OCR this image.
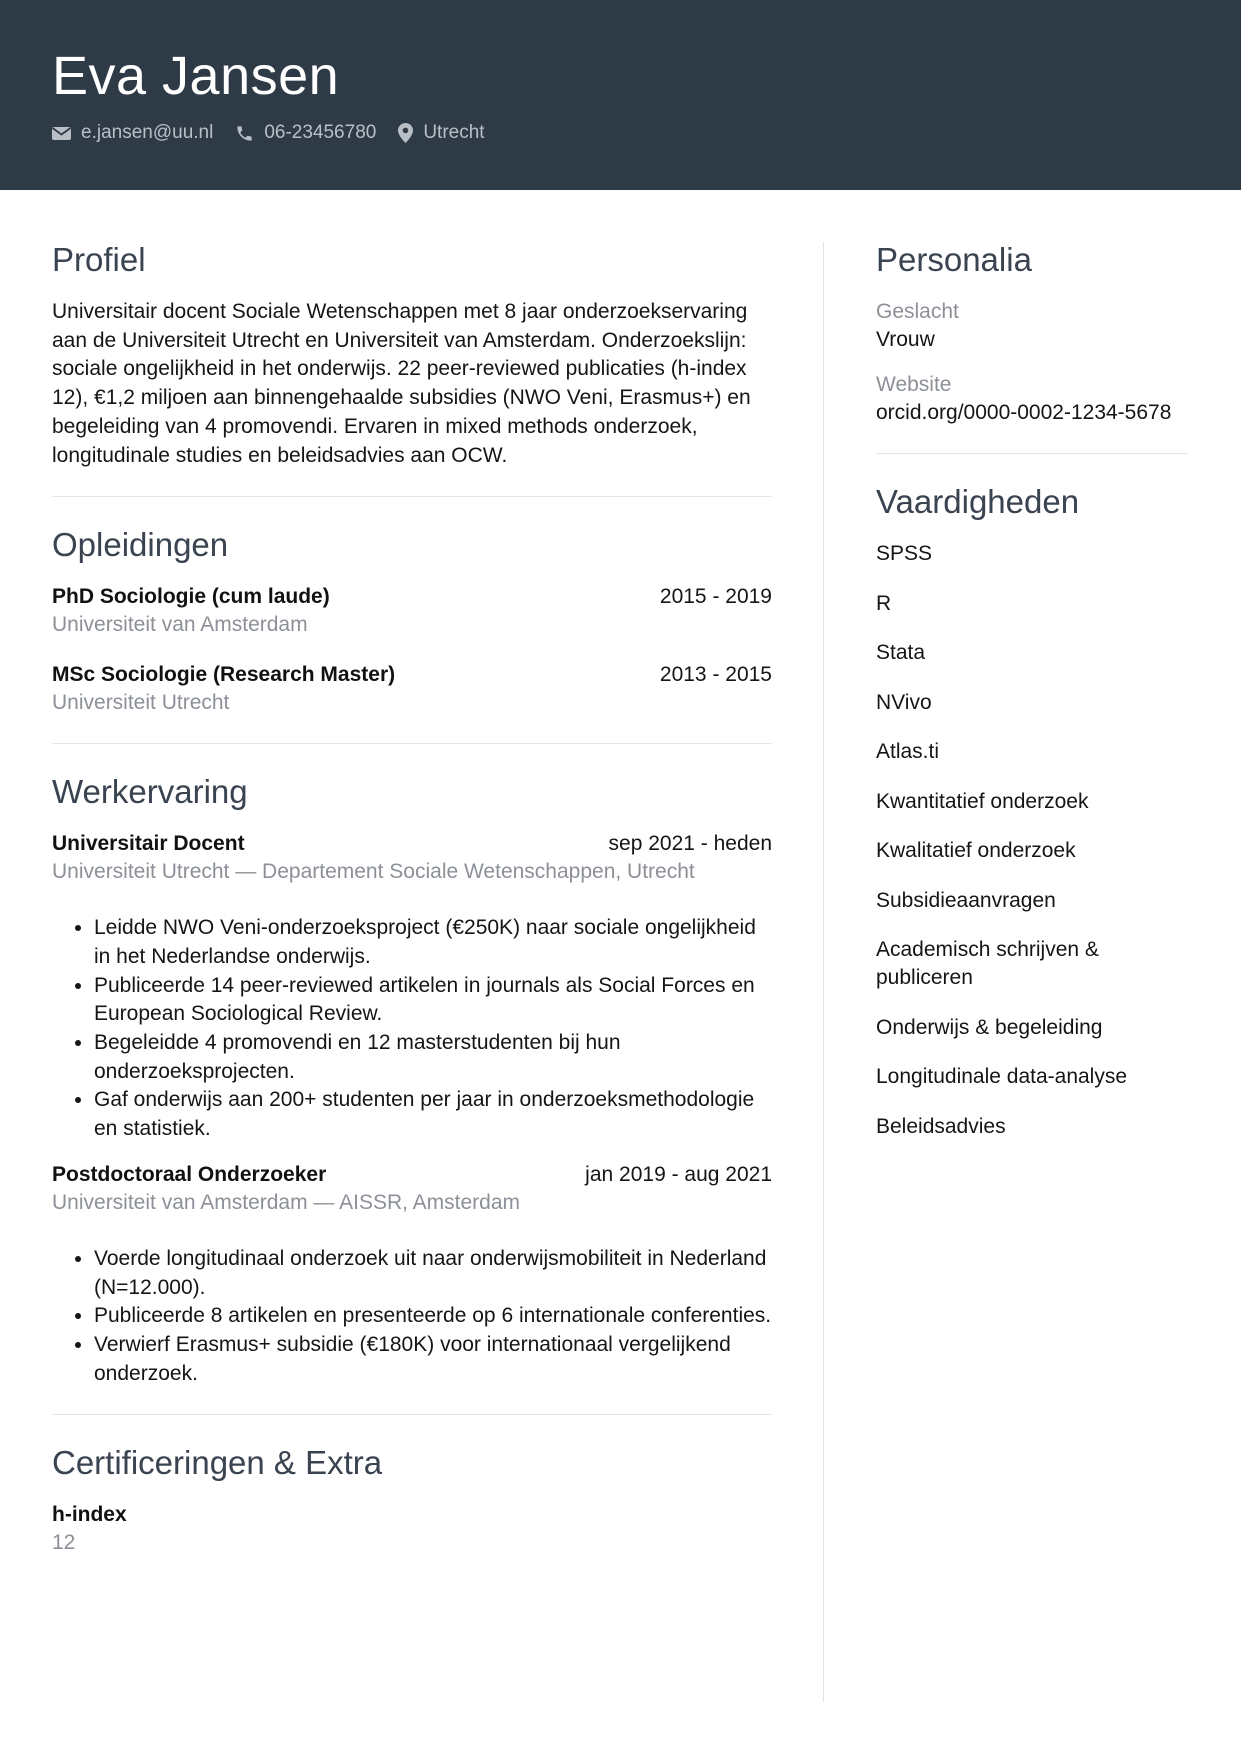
Eva Jansen
e.jansen@uu.nl	06-23456780 Utrecht
Profiel
Universitair docent Sociale Wetenschappen met 8 jaar onderzoekservaring aan de Universiteit Utrecht en Universiteit van Amsterdam. Onderzoekslijn: sociale ongelijkheid in het onderwijs. 22 peer-reviewed publicaties (h-index 12), €1,2 miljoen aan binnengehaalde subsidies (NWO Veni, Erasmus+) en begeleiding van 4 promovendi. Ervaren in mixed methods onderzoek, longitudinale studies en beleidsadvies aan OCW.
Opleidingen
PhD Sociologie (cum laude)	2015 - 2019
Universiteit van Amsterdam
MSc Sociologie (Research Master)	2013 - 2015
Universiteit Utrecht
Werkervaring
Universitair Docent	sep 2021 - heden
Universiteit Utrecht — Departement Sociale Wetenschappen, Utrecht
• Leidde NWO Veni-onderzoeksproject (€250K) naar sociale ongelijkheid in het Nederlandse onderwijs.
• Publiceerde 14 peer-reviewed artikelen in journals als Social Forces en European Sociological Review.
• Begeleidde 4 promovendi en 12 masterstudenten bij hun onderzoeksprojecten.
• Gaf onderwijs aan 200+ studenten per jaar in onderzoeksmethodologie en statistiek.
Postdoctoraal Onderzoeker	jan 2019 - aug 2021
Universiteit van Amsterdam — AISSR, Amsterdam
• Voerde longitudinaal onderzoek uit naar onderwijsmobiliteit in Nederland (N=12.000).
• Publiceerde 8 artikelen en presenteerde op 6 internationale conferenties.
• Verwierf Erasmus+ subsidie (€180K) voor internationaal vergelijkend onderzoek.
Certificeringen & Extra
h-index
12
Personalia
Geslacht
Vrouw
Website
orcid.org/0000-0002-1234-5678
Vaardigheden
SPSS
R
Stata
NVivo
Atlas.ti
Kwantitatief onderzoek
Kwalitatief onderzoek
Subsidieaanvragen
Academisch schrijven & publiceren
Onderwijs & begeleiding
Longitudinale data-analyse
Beleidsadvies
